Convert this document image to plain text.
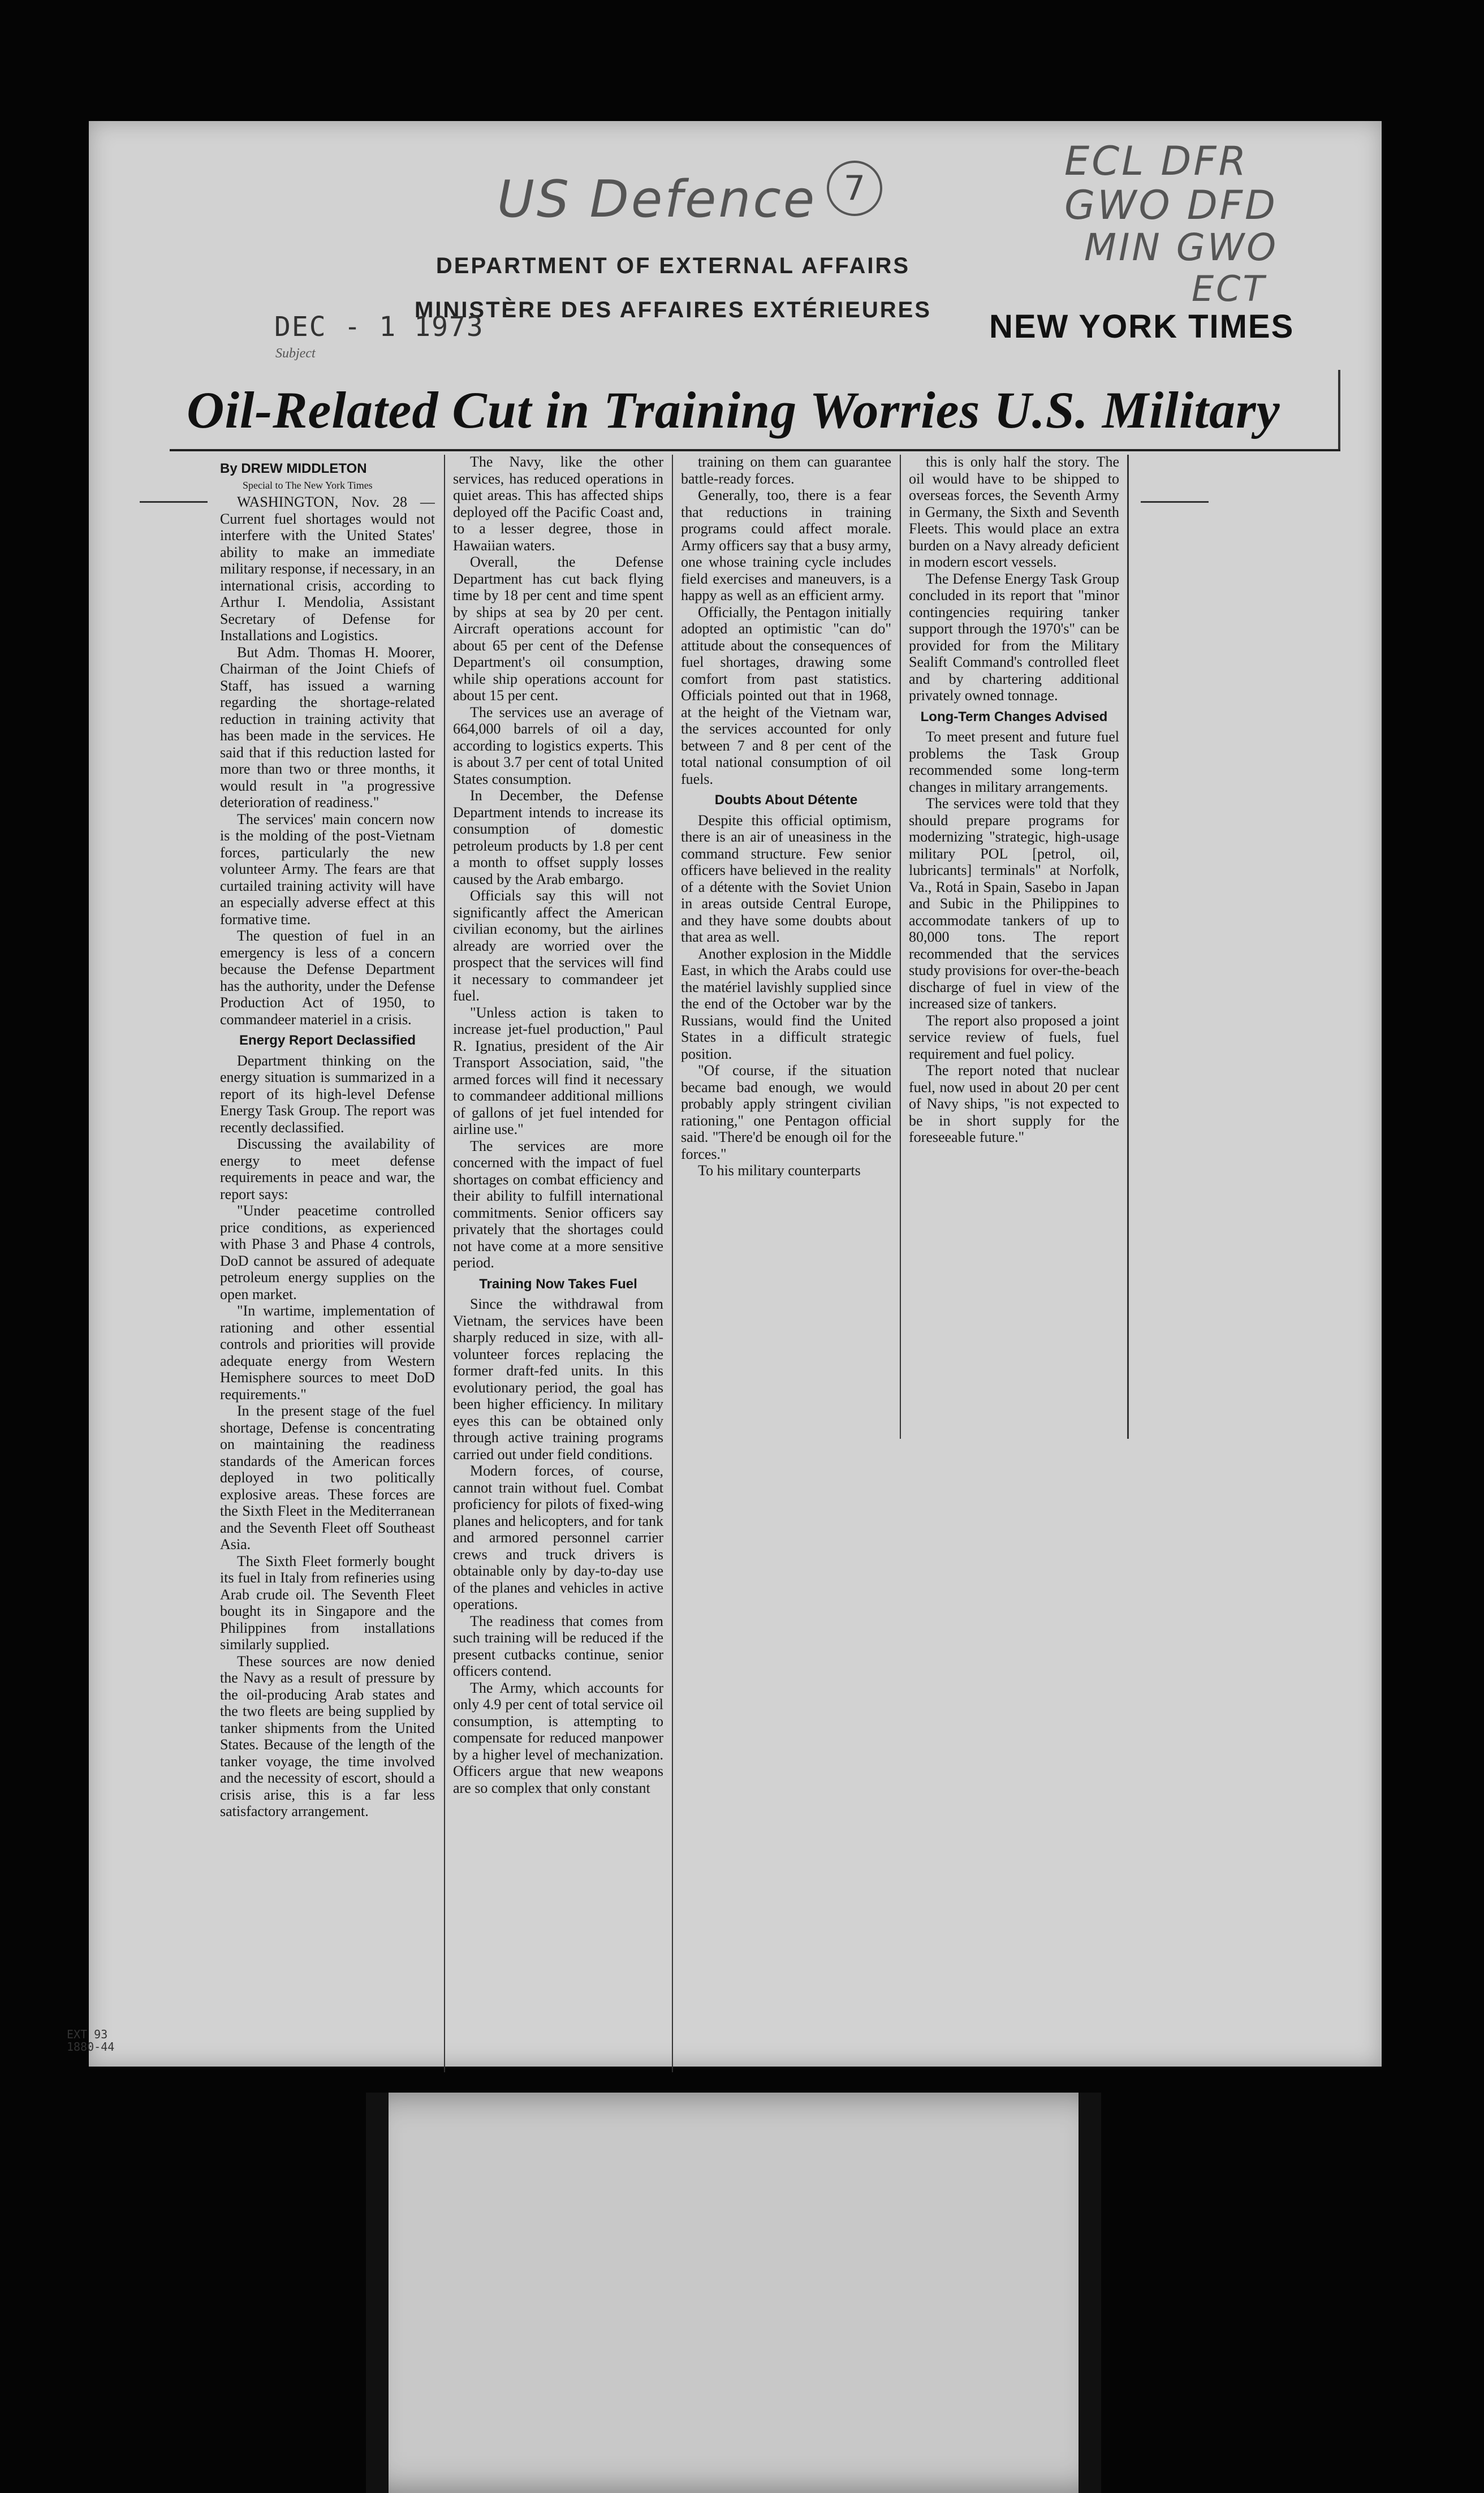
US Defence 7
ECL DFR
GWO DFD
MIN GWO
ECT
DEPARTMENT OF EXTERNAL AFFAIRS
MINISTÈRE DES AFFAIRES EXTÉRIEURES
DEC - 1 1973
Subject
NEW YORK TIMES
Oil-Related Cut in Training Worries U.S. Military

By DREW MIDDLETON

Special to The New York Times

WASHINGTON, Nov. 28 — Current fuel shortages would not interfere with the United States' ability to make an immediate military response, if necessary, in an international crisis, according to Arthur I. Mendolia, Assistant Secretary of Defense for Installations and Logistics.

But Adm. Thomas H. Moorer, Chairman of the Joint Chiefs of Staff, has issued a warning regarding the shortage-related reduction in training activity that has been made in the services. He said that if this reduction lasted for more than two or three months, it would result in "a progressive deterioration of readiness."

The services' main concern now is the molding of the post-Vietnam forces, particularly the new volunteer Army. The fears are that curtailed training activity will have an especially adverse effect at this formative time.

The question of fuel in an emergency is less of a concern because the Defense Department has the authority, under the Defense Production Act of 1950, to commandeer materiel in a crisis.

Energy Report Declassified

Department thinking on the energy situation is summarized in a report of its high-level Defense Energy Task Group. The report was recently declassified.

Discussing the availability of energy to meet defense requirements in peace and war, the report says:

"Under peacetime controlled price conditions, as experienced with Phase 3 and Phase 4 controls, DoD cannot be assured of adequate petroleum energy supplies on the open market.

"In wartime, implementation of rationing and other essential controls and priorities will provide adequate energy from Western Hemisphere sources to meet DoD requirements."

In the present stage of the fuel shortage, Defense is concentrating on maintaining the readiness standards of the American forces deployed in two politically explosive areas. These forces are the Sixth Fleet in the Mediterranean and the Seventh Fleet off Southeast Asia.

The Sixth Fleet formerly bought its fuel in Italy from refineries using Arab crude oil. The Seventh Fleet bought its in Singapore and the Philippines from installations similarly supplied.

These sources are now denied the Navy as a result of pressure by the oil-producing Arab states and the two fleets are being supplied by tanker shipments from the United States. Because of the length of the tanker voyage, the time involved and the necessity of escort, should a crisis arise, this is a far less satisfactory arrangement.

The Navy, like the other services, has reduced operations in quiet areas. This has affected ships deployed off the Pacific Coast and, to a lesser degree, those in Hawaiian waters.

Overall, the Defense Department has cut back flying time by 18 per cent and time spent by ships at sea by 20 per cent. Aircraft operations account for about 65 per cent of the Defense Department's oil consumption, while ship operations account for about 15 per cent.

The services use an average of 664,000 barrels of oil a day, according to logistics experts. This is about 3.7 per cent of total United States consumption.

In December, the Defense Department intends to increase its consumption of domestic petroleum products by 1.8 per cent a month to offset supply losses caused by the Arab embargo.

Officials say this will not significantly affect the American civilian economy, but the airlines already are worried over the prospect that the services will find it necessary to commandeer jet fuel.

"Unless action is taken to increase jet-fuel production," Paul R. Ignatius, president of the Air Transport Association, said, "the armed forces will find it necessary to commandeer additional millions of gallons of jet fuel intended for airline use."

The services are more concerned with the impact of fuel shortages on combat efficiency and their ability to fulfill international commitments. Senior officers say privately that the shortages could not have come at a more sensitive period.

Training Now Takes Fuel

Since the withdrawal from Vietnam, the services have been sharply reduced in size, with all-volunteer forces replacing the former draft-fed units. In this evolutionary period, the goal has been higher efficiency. In military eyes this can be obtained only through active training programs carried out under field conditions.

Modern forces, of course, cannot train without fuel. Combat proficiency for pilots of fixed-wing planes and helicopters, and for tank and armored personnel carrier crews and truck drivers is obtainable only by day-to-day use of the planes and vehicles in active operations.

The readiness that comes from such training will be reduced if the present cutbacks continue, senior officers contend.

The Army, which accounts for only 4.9 per cent of total service oil consumption, is attempting to compensate for reduced manpower by a higher level of mechanization. Officers argue that new weapons are so complex that only constant

training on them can guarantee battle-ready forces.

Generally, too, there is a fear that reductions in training programs could affect morale. Army officers say that a busy army, one whose training cycle includes field exercises and maneuvers, is a happy as well as an efficient army.

Officially, the Pentagon initially adopted an optimistic "can do" attitude about the consequences of fuel shortages, drawing some comfort from past statistics. Officials pointed out that in 1968, at the height of the Vietnam war, the services accounted for only between 7 and 8 per cent of the total national consumption of oil fuels.

Doubts About Détente

Despite this official optimism, there is an air of uneasiness in the command structure. Few senior officers have believed in the reality of a détente with the Soviet Union in areas outside Central Europe, and they have some doubts about that area as well.

Another explosion in the Middle East, in which the Arabs could use the matériel lavishly supplied since the end of the October war by the Russians, would find the United States in a difficult strategic position.

"Of course, if the situation became bad enough, we would probably apply stringent civilian rationing," one Pentagon official said. "There'd be enough oil for the forces."

To his military counterparts

this is only half the story. The oil would have to be shipped to overseas forces, the Seventh Army in Germany, the Sixth and Seventh Fleets. This would place an extra burden on a Navy already deficient in modern escort vessels.

The Defense Energy Task Group concluded in its report that "minor contingencies requiring tanker support through the 1970's" can be provided for from the Military Sealift Command's controlled fleet and by chartering additional privately owned tonnage.

Long-Term Changes Advised

To meet present and future fuel problems the Task Group recommended some long-term changes in military arrangements.

The services were told that they should prepare programs for modernizing "strategic, high-usage military POL [petrol, oil, lubricants] terminals" at Norfolk, Va., Rotá in Spain, Sasebo in Japan and Subic in the Philippines to accommodate tankers of up to 80,000 tons. The report recommended that the services study provisions for over-the-beach discharge of fuel in view of the increased size of tankers.

The report also proposed a joint service review of fuels, fuel requirement and fuel policy.

The report noted that nuclear fuel, now used in about 20 per cent of Navy ships, "is not expected to be in short supply for the foreseeable future."

EXT 93
1880-44
